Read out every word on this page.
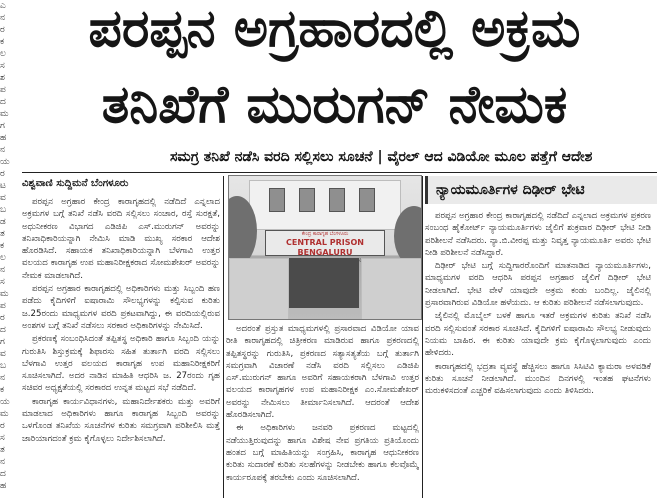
ಎ
ನ
ರ
ಕ
ಲ
ಸ
ಶ
ಪ
ದ
ಮ
ಗ
ಹ
ನ
ಯ
ರ
ಟ
ವ
ಬ
ಡ
ತ
ಕ
ಲ
ನ
ಸ
ಮ
ಪ
ರ
ದ
ಗ
ವ
ಬ
ನ
ಕ
ಯ
ಮ
ರ
ಸ
ತ
ನ
ದ
ಹ
ಪರಪ್ಪನ ಅಗ್ರಹಾರದಲ್ಲಿ ಅಕ್ರಮ
ತನಿಖೆಗೆ ಮುರುಗನ್ ನೇಮಕ
ಸಮಗ್ರ ತನಿಖೆ ನಡೆಸಿ ವರದಿ ಸಲ್ಲಿಸಲು ಸೂಚನೆ | ವೈರಲ್ ಆದ ವಿಡಿಯೋ ಮೂಲ ಪತ್ತೆಗೆ ಆದೇಶ
ವಿಶ್ವವಾಣಿ ಸುದ್ದಿಮನೆ ಬೆಂಗಳೂರು

ಪರಪ್ಪನ ಅಗ್ರಹಾರ ಕೇಂದ್ರ ಕಾರಾಗೃಹದಲ್ಲಿ ನಡೆದಿದೆ ಎನ್ನಲಾದ ಅಕ್ರಮಗಳ ಬಗ್ಗೆ ತನಿಖೆ ನಡೆಸಿ ವರದಿ ಸಲ್ಲಿಸಲು ಸಂಚಾರ, ರಸ್ತೆ ಸುರಕ್ಷತೆ, ಅಧುನೀಕರಣ ವಿಭಾಗದ ಎಡಿಜಿಪಿ ಎಸ್.ಮುರುಗನ್ ಅವರನ್ನು ತನಿಖಾಧಿಕಾರಿಯನ್ನಾಗಿ ನೇಮಿಸಿ ಮಾಡಿ ಮುಖ್ಯ ಸರಕಾರ ಆದೇಶ ಹೊರಡಿಸಿದೆ. ಸಹಾಯಕ ತನಿಖಾಧಿಕಾರಿಯನ್ನಾಗಿ ಬೆಳಗಾವಿ ಉತ್ತರ ವಲಯದ ಕಾರಾಗೃಹ ಉಪ ಮಹಾನಿರೀಕ್ಷಕರಾದ ಸೋಮಶೇಖರ್ ಅವರನ್ನು ನೇಮಕ ಮಾಡಲಾಗಿದೆ.

ಪರಪ್ಪನ ಅಗ್ರಹಾರ ಕಾರಾಗೃಹದಲ್ಲಿ ಅಧಿಕಾರಿಗಳು ಮತ್ತು ಸಿಬ್ಬಂದಿ ಹಣ ಪಡೆದು ಕೈದಿಗಳಿಗೆ ಐಷಾರಾಮಿ ಸೌಲಭ್ಯಗಳನ್ನು ಕಲ್ಪಿಸುವ ಕುರಿತು ಜ.25ರಂದು ಮಾಧ್ಯಮಗಳ ವರದಿ ಪ್ರಕಟವಾಗಿದ್ದು, ಈ ವರದಿಯಲ್ಲಿರುವ ಅಂಶಗಳ ಬಗ್ಗೆ ತನಿಖೆ ನಡೆಸಲು ಸರಕಾರ ಅಧಿಕಾರಿಗಳನ್ನು ನೇಮಿಸಿದೆ.

ಪ್ರಕರಣಕ್ಕೆ ಸಂಬಂಧಿಸಿದಂತೆ ತಪ್ಪಿತಸ್ಥ ಅಧಿಕಾರಿ ಹಾಗೂ ಸಿಬ್ಬಂದಿ ಯನ್ನು ಗುರುತಿಸಿ ಶಿಸ್ತುಕ್ರಮಕ್ಕೆ ಶಿಫಾರಸು ಸಹಿತ ತುರ್ತಾಗಿ ವರದಿ ಸಲ್ಲಿಸಲು ಬೆಳಗಾವಿ ಉತ್ತರ ವಲಯದ ಕಾರಾಗೃಹ ಉಪ ಮಹಾನಿರೀಕ್ಷಕರಿಗೆ ಸೂಚಿಸಲಾಗಿದೆ. ಅದರ ನಾಡಿನ ಮಾಹಿತಿ ಆಧರಿಸಿ ಜ. 27ರಂದು ಗೃಹ ಸಚಿವರ ಅಧ್ಯಕ್ಷತೆಯಲ್ಲಿ ಸರಕಾರದ ಉನ್ನತ ಮಟ್ಟದ ಸಭೆ ನಡೆದಿದೆ.

ಕಾರಾಗೃಹ ಕಾರ್ಯವಿಧಾನಗಳು, ಮಹಾನಿರ್ದೇಶಕರು ಮತ್ತು ಅವರಿಗೆ ಮಾಡಲಾದ ಅಧಿಕಾರಿಗಳು ಹಾಗೂ ಕಾರಾಗೃಹ ಸಿಬ್ಬಂದಿ ಅವರನ್ನು ಒಳಗೊಂಡ ತನಿಖೆಯ ಸೂಚನೆಗಳ ಕುರಿತು ಸಮಗ್ರವಾಗಿ ಪರಿಶೀಲಿಸಿ ಮತ್ತೆ ಜಾರಿಯಾಗದಂತೆ ಕ್ರಮ ಕೈಗೊಳ್ಳಲು ನಿರ್ದೇಶಿಸಲಾಗಿದೆ.

ಕೇಂದ್ರ ಕಾರಾಗೃಹ ಬೆಂಗಳೂರು
CENTRAL PRISON BENGALURU

ಅದರಂತೆ ಪ್ರಸ್ತುತ ಮಾಧ್ಯಮಗಳಲ್ಲಿ ಪ್ರಸಾರವಾದ ವಿಡಿಯೋ ಯಾವ ರೀತಿ ಕಾರಾಗೃಹದಲ್ಲಿ ಚಿತ್ರೀಕರಣ ಮಾಡಿರುವ ಹಾಗೂ ಪ್ರಕರಣದಲ್ಲಿ ತಪ್ಪಿತಸ್ಥರನ್ನು ಗುರುತಿಸಿ, ಪ್ರಕರಣದ ಸತ್ಯಾಸತ್ಯತೆಯ ಬಗ್ಗೆ ತುರ್ತಾಗಿ ಸಮಗ್ರವಾಗಿ ವಿಚಾರಣೆ ನಡೆಸಿ ವರದಿ ಸಲ್ಲಿಸಲು ಎಡಿಜಿಪಿ ಎಸ್.ಮುರುಗನ್ ಹಾಗೂ ಅವರಿಗೆ ಸಹಾಯಕರಾಗಿ ಬೆಳಗಾವಿ ಉತ್ತರ ವಲಯದ ಕಾರಾಗೃಹಗಳ ಉಪ ಮಹಾನಿರೀಕ್ಷಕ ಎಂ.ಸೋಮಶೇಖರ್ ಅವರನ್ನು ನೇಮಿಸಲು ತೀರ್ಮಾನಿಸಲಾಗಿದೆ. ಆದರಂತೆ ಆದೇಶ ಹೊರಡಿಸಲಾಗಿದೆ.

ಈ ಅಧಿಕಾರಿಗಳು ಜನವರಿ ಪ್ರಕರಣದ ಮಟ್ಟದಲ್ಲಿ ನಡೆಯುತ್ತಿರುವುದನ್ನು ಹಾಗೂ ವಿಶೇಷ ನೇವ ಪ್ರಗತಿಯ ಪ್ರತಿಯೊಂದು ಹಂತದ ಬಗ್ಗೆ ಮಾಹಿತಿಯನ್ನು ಸಂಗ್ರಹಿಸಿ, ಕಾರಾಗೃಹ ಆಧುನೀಕರಣ ಕುರಿತು ಸುದಾರಣೆ ಕುರಿತು ಸಲಹೆಗಳನ್ನು ನೀಡಬೇಕು ಹಾಗೂ ಕೆಲವೊಮ್ಮೆ ಕಾರ್ಯರೂಪಕ್ಕೆ ತರಬೇಕು ಎಂದು ಸೂಚಿಸಲಾಗಿದೆ.

ನ್ಯಾಯಮೂರ್ತಿಗಳ ದಿಢೀರ್ ಭೇಟಿ

ಪರಪ್ಪನ ಅಗ್ರಹಾರ ಕೇಂದ್ರ ಕಾರಾಗೃಹದಲ್ಲಿ ನಡೆದಿದೆ ಎನ್ನಲಾದ ಅಕ್ರಮಗಳ ಪ್ರಕರಣ ಸಂಬಂಧ ಹೈಕೋರ್ಟ್ ನ್ಯಾಯಮೂರ್ತಿಗಳು ಜೈಲಿಗೆ ಶುಕ್ರವಾರ ದಿಢೀರ್ ಭೇಟಿ ನೀಡಿ ಪರಿಶೀಲನೆ ನಡೆಸಿದರು. ನ್ಯಾ.ಬಿ.ವೀರಪ್ಪ ಮತ್ತು ನಿವೃತ್ತ ನ್ಯಾಯಮೂರ್ತಿ ಅವರು ಭೇಟಿ ನೀಡಿ ಪರಿಶೀಲನೆ ನಡೆಸಿದ್ದಾರೆ.

ದಿಢೀರ್ ಭೇಟಿ ಬಗ್ಗೆ ಸುದ್ದಿಗಾರರೊಂದಿಗೆ ಮಾತನಾಡಿದ ನ್ಯಾಯಮೂರ್ತಿಗಳು, ಮಾಧ್ಯಮಗಳ ವರದಿ ಆಧರಿಸಿ ಪರಪ್ಪನ ಅಗ್ರಹಾರ ಜೈಲಿಗೆ ದಿಢೀರ್ ಭೇಟಿ ನೀಡಲಾಗಿದೆ. ಭೇಟಿ ವೇಳೆ ಯಾವುದೇ ಅಕ್ರಮ ಕಂಡು ಬಂದಿಲ್ಲ. ಜೈಲಿನಲ್ಲಿ ಪ್ರಸಾರವಾಗಿರುವ ವಿಡಿಯೋ ಹಳೆಯದು. ಆ ಕುರಿತು ಪರಿಶೀಲನೆ ನಡೆಸಲಾಗುವುದು.

ಜೈಲಿನಲ್ಲಿ ಮೊಬೈಲ್ ಬಳಕೆ ಹಾಗೂ ಇತರೆ ಅಕ್ರಮಗಳ ಕುರಿತು ತನಿಖೆ ನಡೆಸಿ ವರದಿ ಸಲ್ಲಿಸುವಂತೆ ಸರಕಾರ ಸೂಚಿಸಿದೆ. ಕೈದಿಗಳಿಗೆ ಐಷಾರಾಮಿ ಸೌಲಭ್ಯ ನೀಡುವುದು ನಿಯಮ ಬಾಹಿರ. ಈ ಕುರಿತು ಯಾವುದೇ ಕ್ರಮ ಕೈಗೊಳ್ಳಲಾಗುವುದು ಎಂದು ಹೇಳಿದರು.

ಕಾರಾಗೃಹದಲ್ಲಿ ಭದ್ರತಾ ವ್ಯವಸ್ಥೆ ಹೆಚ್ಚಿಸಲು ಹಾಗೂ ಸಿಸಿಟಿವಿ ಕ್ಯಾಮರಾ ಅಳವಡಿಕೆ ಕುರಿತು ಸೂಚನೆ ನೀಡಲಾಗಿದೆ. ಮುಂದಿನ ದಿನಗಳಲ್ಲಿ ಇಂತಹ ಘಟನೆಗಳು ಮರುಕಳಿಸದಂತೆ ಎಚ್ಚರಿಕೆ ವಹಿಸಲಾಗುವುದು ಎಂದು ತಿಳಿಸಿದರು.
